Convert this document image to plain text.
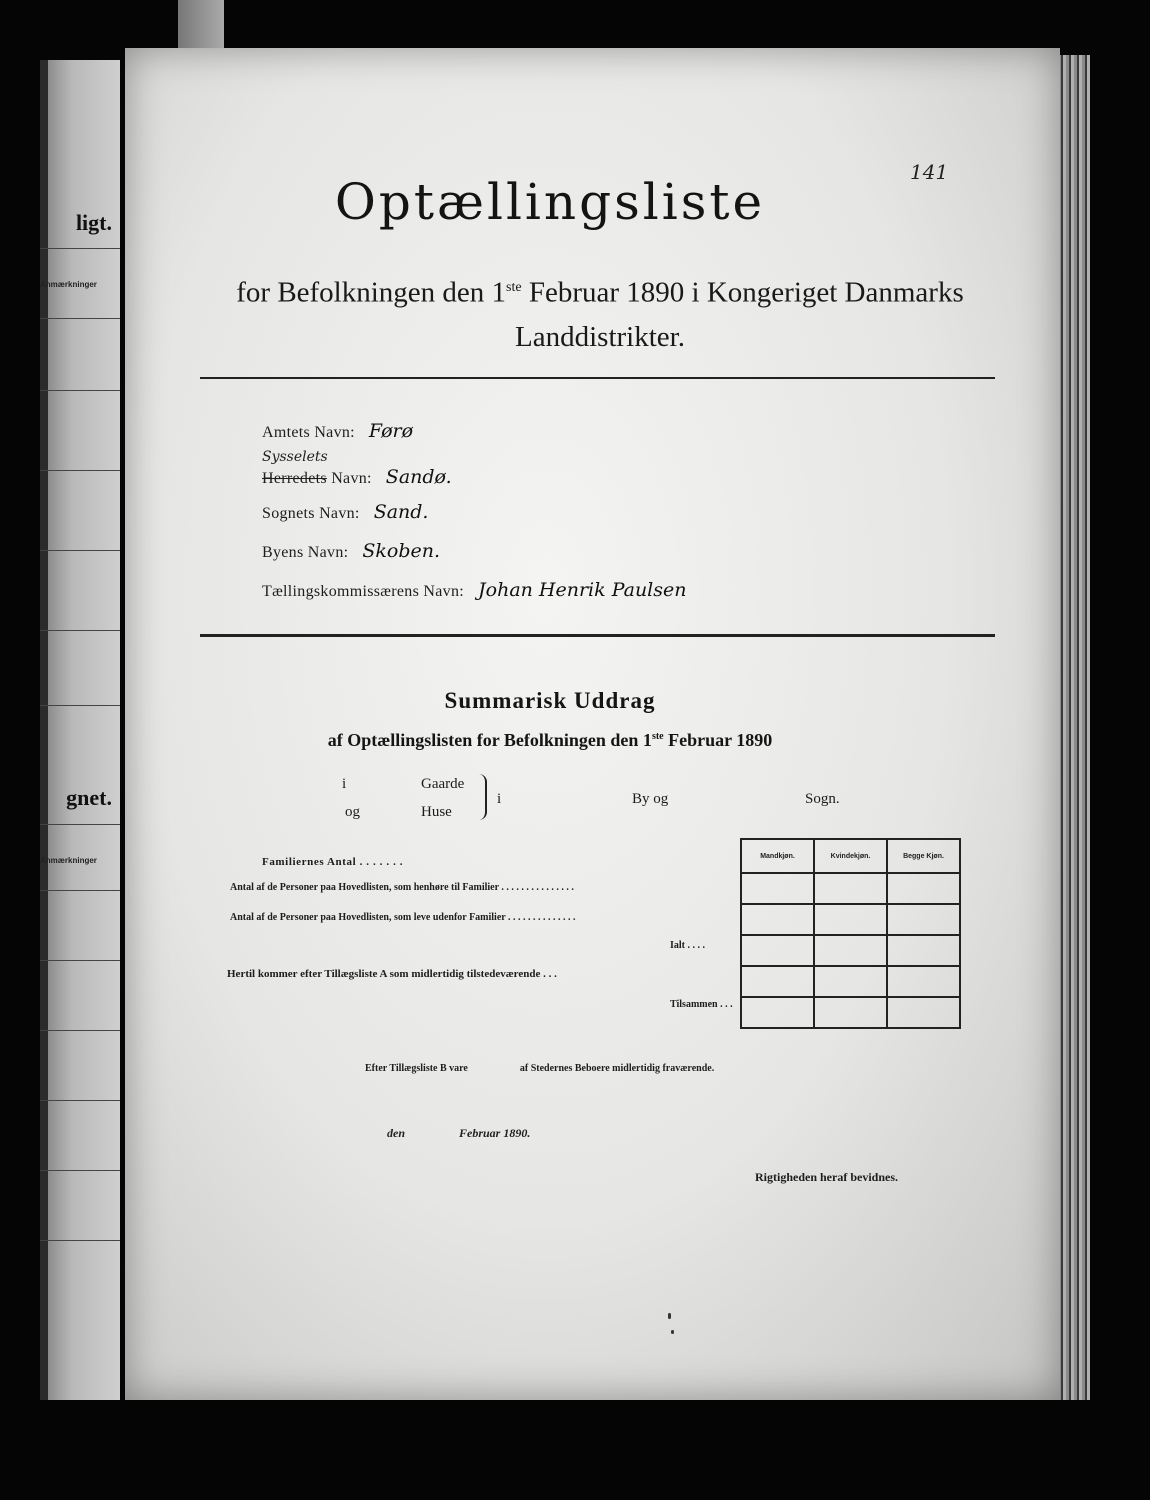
ligt.
Anmærkninger
gnet.
Anmærkninger
141
Optællingsliste
for Befolkningen den 1ste Februar 1890 i Kongeriget Danmarks
Landdistrikter.
Amtets Navn: Førø
Sysselets
Herredets Navn: Sandø.
Sognets Navn: Sand.
Byens Navn: Skoben.
Tællingskommissærens Navn: Johan Henrik Paulsen
Summarisk Uddrag
af Optællingslisten for Befolkningen den 1ste Februar 1890
i
og
Gaarde
Huse
i	By og	Sogn.
Familiernes Antal . . . . . . .
Antal af de Personer paa Hovedlisten, som henhøre til Familier . . . . . . . . . . . . . . .
Antal af de Personer paa Hovedlisten, som leve udenfor Familier . . . . . . . . . . . . . .
Ialt . . . .
Hertil kommer efter Tillægsliste A som midlertidig tilstedeværende . . .
Tilsammen . . .
Mandkjøn.	Kvindekjøn.	Begge Kjøn.

Efter Tillægsliste B vare	af Stedernes Beboere midlertidig fraværende.
den	Februar 1890.
Rigtigheden heraf bevidnes.
